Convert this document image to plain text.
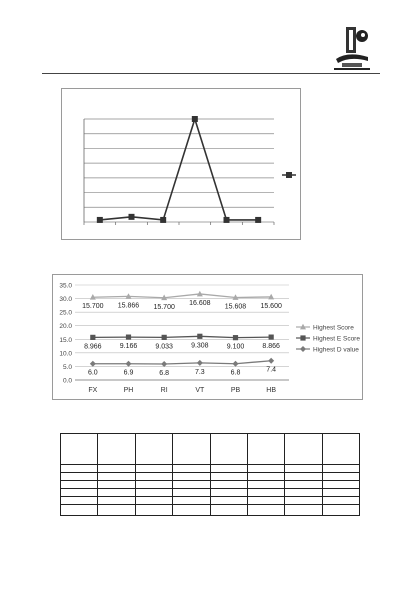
35.0
30.0
25.0
20.0
15.0
10.0
5.0
0.0
FX	PH	RI	VT	PB	HB
15.700 15.866 15.700
16.608
15.608 15.600
Highest Score
8.966	9.166	9.033	9.308	9.100	8.866
Highest E Score
6.0	6.9	6.8	7.3	6.8	7.4
Highest D value
